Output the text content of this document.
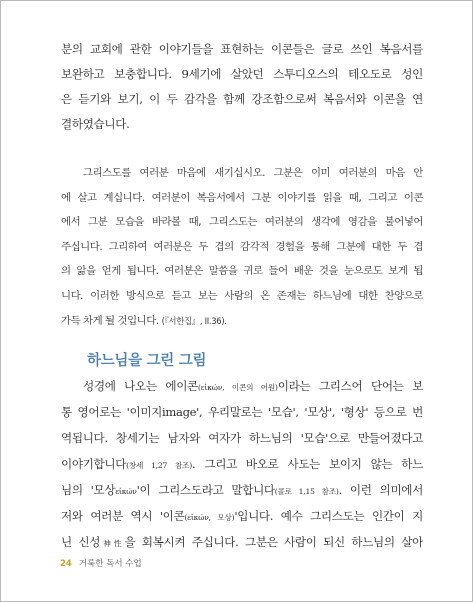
분의 교회에 관한 이야기들을 표현하는 이콘들은 글로 쓰인 복음서를
보완하고 보충합니다. 9세기에 살았던 스투디오스의 테오도로 성인
은 듣기와 보기, 이 두 감각을 함께 강조함으로써 복음서와 이콘을 연
결하였습니다.
그리스도를 여러분 마음에 새기십시오. 그분은 이미 여러분의 마음 안
에 살고 계십니다. 여러분이 복음서에서 그분 이야기를 읽을 때, 그리고 이콘
에서 그분 모습을 바라볼 때, 그리스도는 여러분의 생각에 영감을 불어넣어
주십니다. 그리하여 여러분은 두 겹의 감각적 경험을 통해 그분에 대한 두 겹
의 앎을 얻게 됩니다. 여러분은 말씀을 귀로 들어 배운 것을 눈으로도 보게 됩
니다. 이러한 방식으로 듣고 보는 사람의 온 존재는 하느님에 대한 찬양으로
가득 차게 될 것입니다. (『서한집』, II.36).
하느님을 그린 그림
성경에 나오는 에이콘(εἰκών, 이콘의 어원)이라는 그리스어 단어는 보
통 영어로는 '이미지image', 우리말로는 '모습', '모상', '형상' 등으로 번
역됩니다. 창세기는 남자와 여자가 하느님의 '모습'으로 만들어졌다고
이야기합니다(창세 1,27 참조). 그리고 바오로 사도는 보이지 않는 하느
님의 '모상εἰκών'이 그리스도라고 말합니다(콜로 1,15 참조). 이런 의미에서
저와 여러분 역시 '이콘(εἰκών, 모상)'입니다. 예수 그리스도는 인간이 지
닌 신성神性을 회복시켜 주십니다. 그분은 사람이 되신 하느님의 살아
24 거룩한 독서 수업
